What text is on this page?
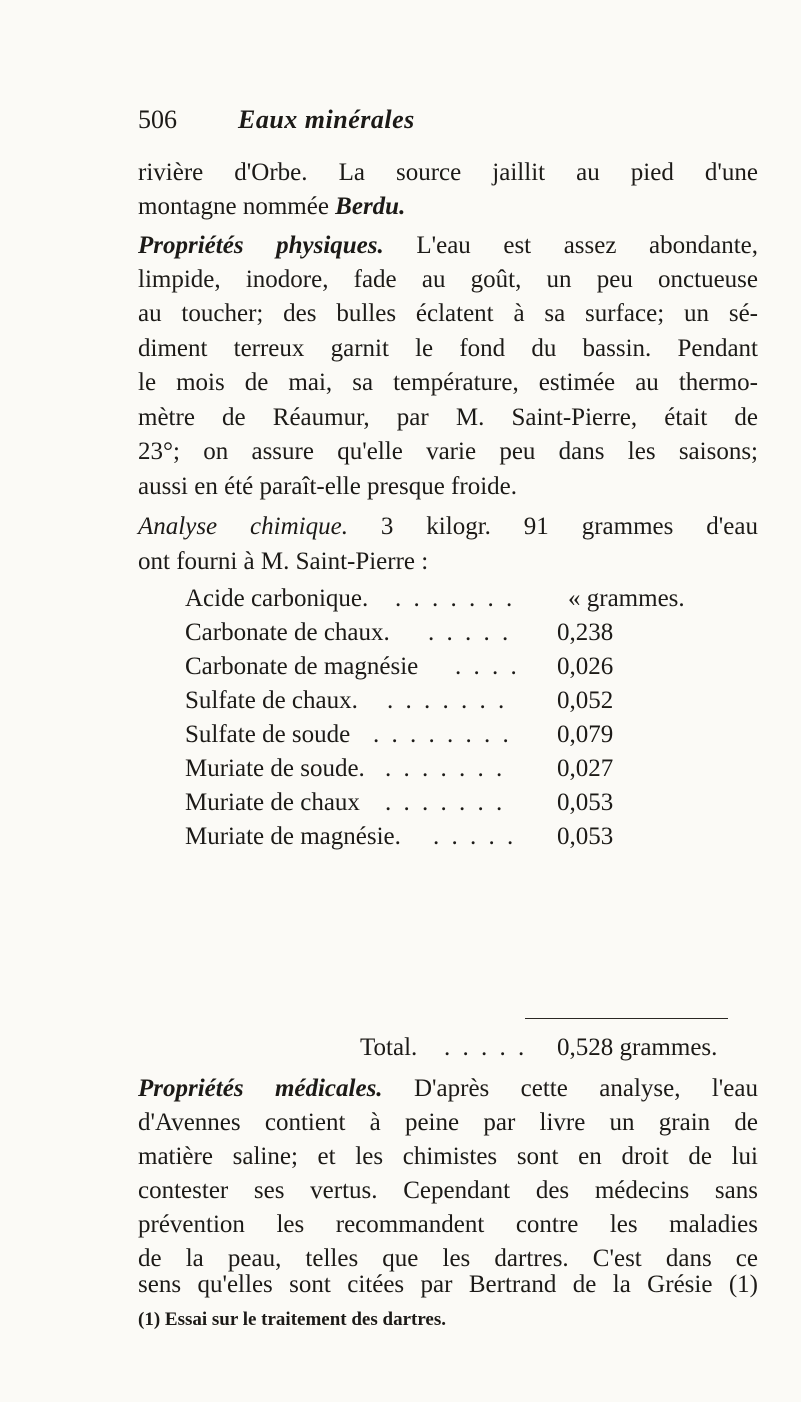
506 Eaux minérales
rivière d'Orbe. La source jaillit au pied d'une
montagne nommée Berdu.
Propriétés physiques. L'eau est assez abondante,
limpide, inodore, fade au goût, un peu onctueuse
au toucher; des bulles éclatent à sa surface; un sé-
diment terreux garnit le fond du bassin. Pendant
le mois de mai, sa température, estimée au thermo-
mètre de Réaumur, par M. Saint-Pierre, était de
23°; on assure qu'elle varie peu dans les saisons;
aussi en été paraît-elle presque froide.
Analyse chimique. 3 kilogr. 91 grammes d'eau
ont fourni à M. Saint-Pierre :
Acide carbonique. . . . . . . . « grammes.
Carbonate de chaux. . . . . . 0,238
Carbonate de magnésie . . . . 0,026
Sulfate de chaux. . . . . . . . 0,052
Sulfate de soude . . . . . . . . 0,079
Muriate de soude. . . . . . . . 0,027
Muriate de chaux . . . . . . . 0,053
Muriate de magnésie. . . . . . 0,053
Total. . . . . . 0,528 grammes.
Propriétés médicales. D'après cette analyse, l'eau
d'Avennes contient à peine par livre un grain de
matière saline; et les chimistes sont en droit de lui
contester ses vertus. Cependant des médecins sans
prévention les recommandent contre les maladies
de la peau, telles que les dartres. C'est dans ce
sens qu'elles sont citées par Bertrand de la Grésie (1)
(1) Essai sur le traitement des dartres.
